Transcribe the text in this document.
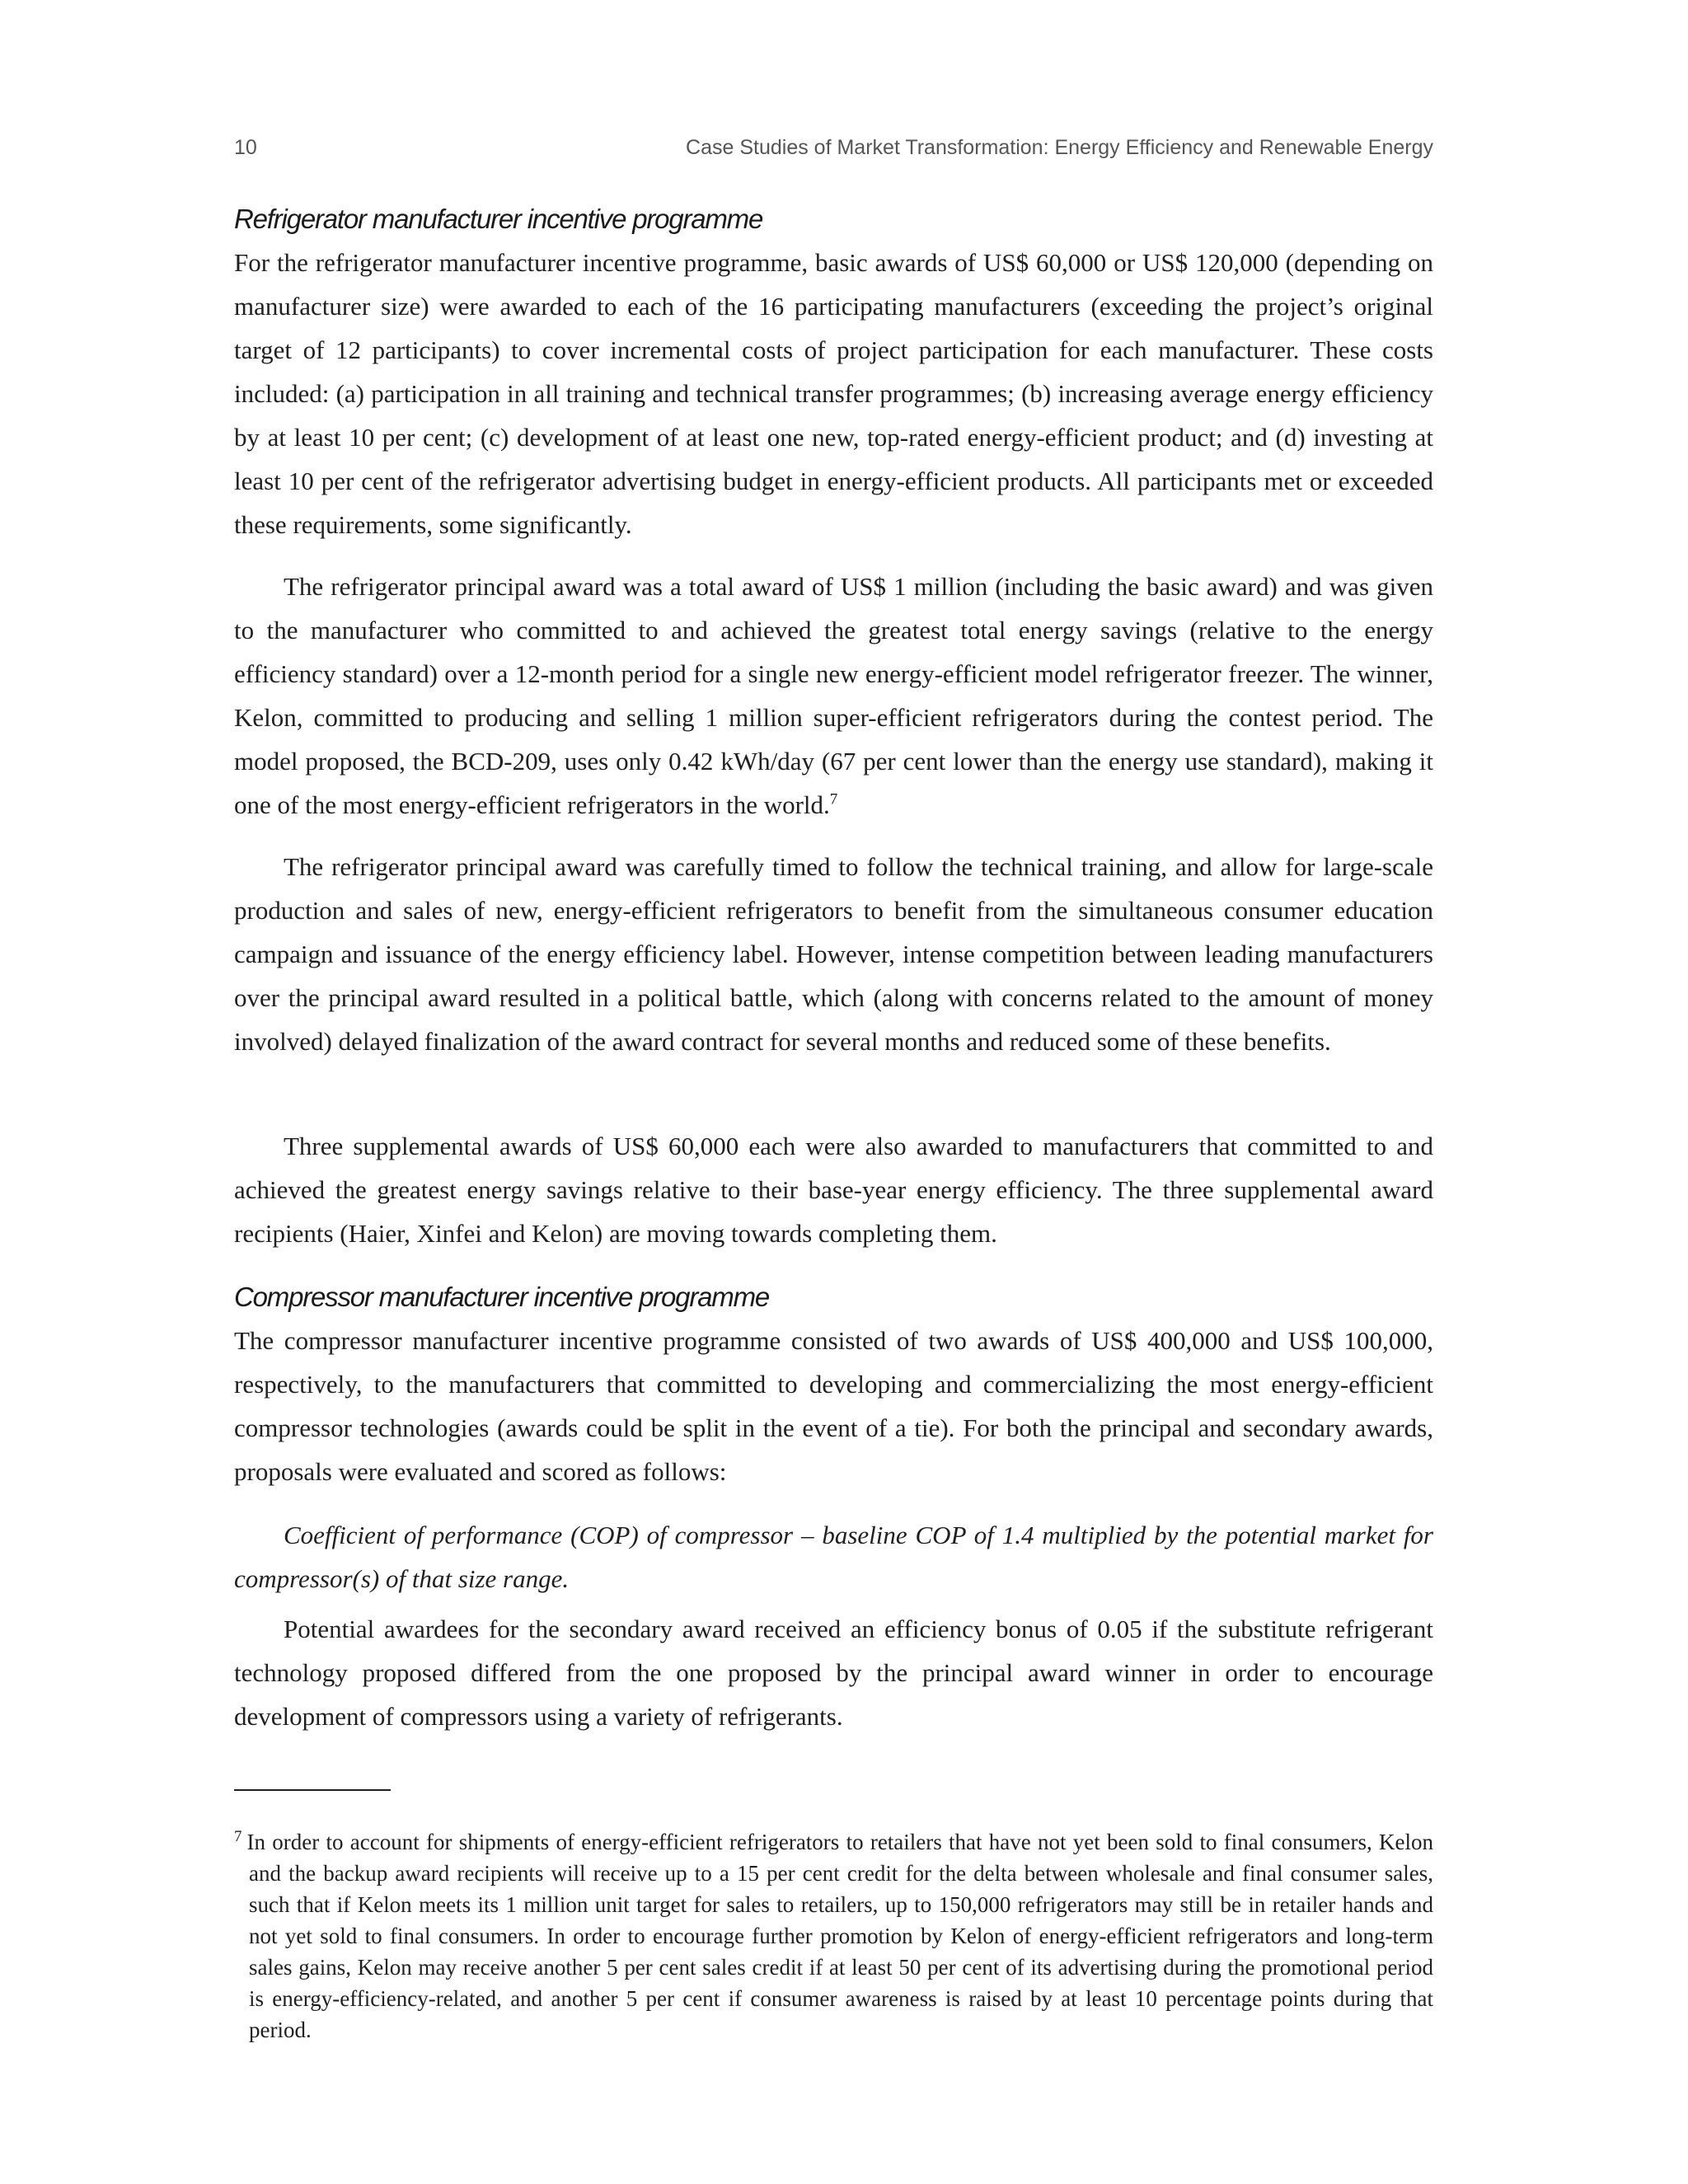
10	Case Studies of Market Transformation: Energy Efficiency and Renewable Energy
Refrigerator manufacturer incentive programme

For the refrigerator manufacturer incentive programme, basic awards of US$ 60,000 or US$ 120,000 (depending on manufacturer size) were awarded to each of the 16 participating manufacturers (exceeding the project’s original target of 12 participants) to cover incremental costs of project participation for each manufacturer. These costs included: (a) participation in all training and technical transfer programmes; (b) increasing average energy efficiency by at least 10 per cent; (c) development of at least one new, top-rated energy-efficient product; and (d) investing at least 10 per cent of the refrigerator advertising budget in energy-efficient products. All participants met or exceeded these requirements, some significantly.

The refrigerator principal award was a total award of US$ 1 million (including the basic award) and was given to the manufacturer who committed to and achieved the greatest total energy savings (relative to the energy efficiency standard) over a 12-month period for a single new energy-efficient model refrigerator freezer. The winner, Kelon, committed to producing and selling 1 million super-efficient refrigerators during the contest period. The model proposed, the BCD-209, uses only 0.42 kWh/day (67 per cent lower than the energy use standard), making it one of the most energy-efficient refrigerators in the world.$^7$

The refrigerator principal award was carefully timed to follow the technical training, and allow for large-scale production and sales of new, energy-efficient refrigerators to benefit from the simultaneous consumer education campaign and issuance of the energy efficiency label. However, intense competition between leading manufacturers over the principal award resulted in a political battle, which (along with concerns related to the amount of money involved) delayed finalization of the award contract for several months and reduced some of these benefits.

Three supplemental awards of US$ 60,000 each were also awarded to manufacturers that committed to and achieved the greatest energy savings relative to their base-year energy efficiency. The three supplemental award recipients (Haier, Xinfei and Kelon) are moving towards completing them.

Compressor manufacturer incentive programme

The compressor manufacturer incentive programme consisted of two awards of US$ 400,000 and US$ 100,000, respectively, to the manufacturers that committed to developing and commercializing the most energy-efficient compressor technologies (awards could be split in the event of a tie). For both the principal and secondary awards, proposals were evaluated and scored as follows:

Coefficient of performance (COP) of compressor – baseline COP of 1.4 multiplied by the potential market for compressor(s) of that size range.

Potential awardees for the secondary award received an efficiency bonus of 0.05 if the substitute refrigerant technology proposed differed from the one proposed by the principal award winner in order to encourage development of compressors using a variety of refrigerants.

$^7$ In order to account for shipments of energy-efficient refrigerators to retailers that have not yet been sold to final consumers, Kelon and the backup award recipients will receive up to a 15 per cent credit for the delta between wholesale and final consumer sales, such that if Kelon meets its 1 million unit target for sales to retailers, up to 150,000 refrigerators may still be in retailer hands and not yet sold to final consumers. In order to encourage further promotion by Kelon of energy-efficient refrigerators and long-term sales gains, Kelon may receive another 5 per cent sales credit if at least 50 per cent of its advertising during the promotional period is energy-efficiency-related, and another 5 per cent if consumer awareness is raised by at least 10 percentage points during that period.
